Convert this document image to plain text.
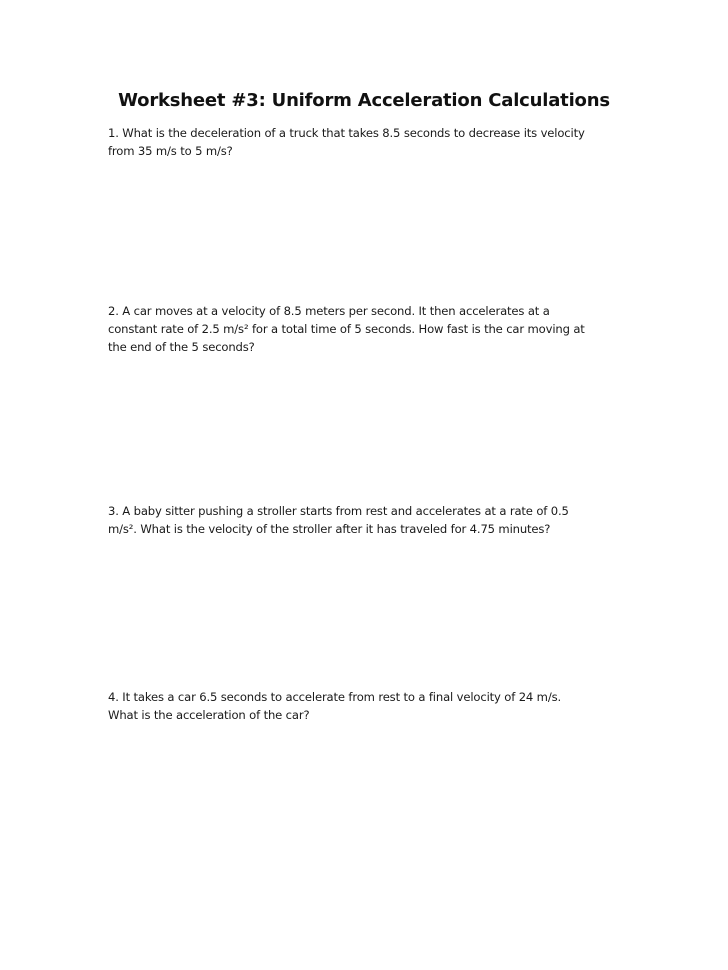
Worksheet #3: Uniform Acceleration Calculations
1. What is the deceleration of a truck that takes 8.5 seconds to decrease its velocity
from 35 m/s to 5 m/s?
2. A car moves at a velocity of 8.5 meters per second. It then accelerates at a
constant rate of 2.5 m/s² for a total time of 5 seconds. How fast is the car moving at
the end of the 5 seconds?
3. A baby sitter pushing a stroller starts from rest and accelerates at a rate of 0.5
m/s². What is the velocity of the stroller after it has traveled for 4.75 minutes?
4. It takes a car 6.5 seconds to accelerate from rest to a final velocity of 24 m/s.
What is the acceleration of the car?
